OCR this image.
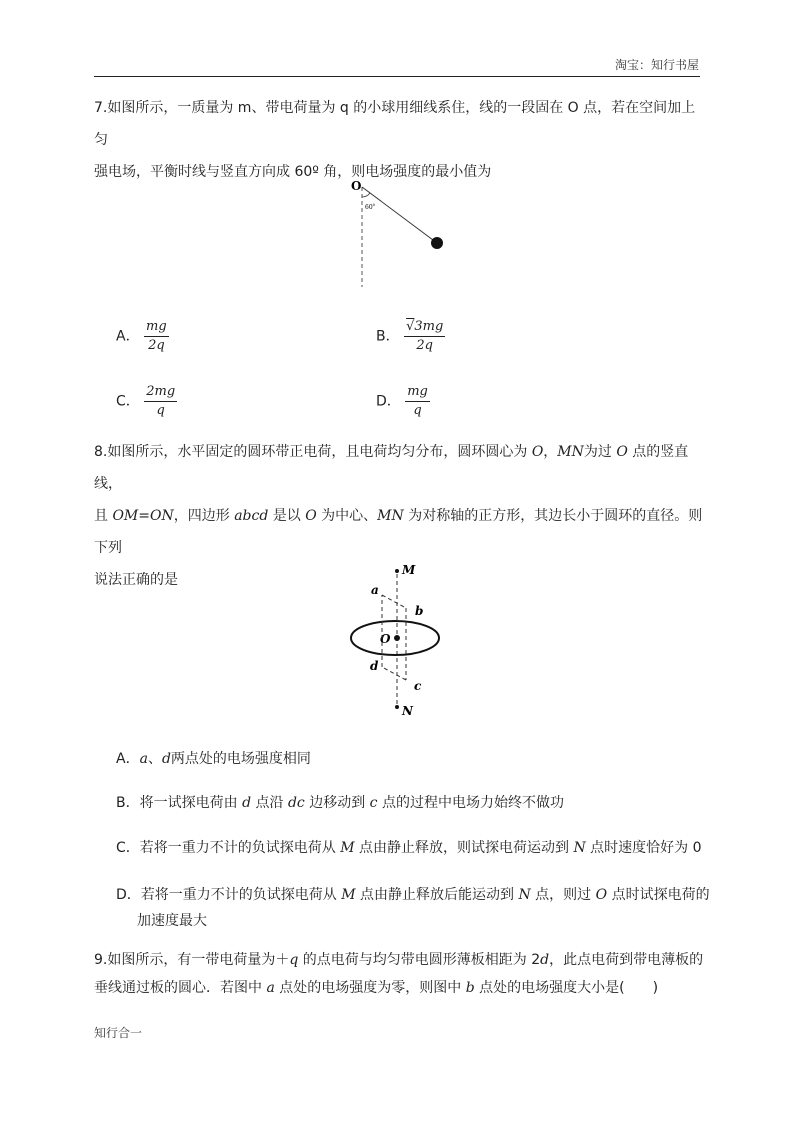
淘宝：知行书屋
7.如图所示，一质量为 m、带电荷量为 q 的小球用细线系住，线的一段固在 O 点，若在空间加上匀
强电场，平衡时线与竖直方向成 60º 角，则电场强度的最小值为
O
$60^0$
A． $\frac{mg}{2q}$	B． $\frac{√3mg}{2q}$
C． $\frac{2mg}{q}$	D． $\frac{mg}{q}$
8.如图所示，水平固定的圆环带正电荷，且电荷均匀分布，圆环圆心为 O，MN为过 O 点的竖直线，
且 OM=ON，四边形 abcd 是以 O 为中心、MN 为对称轴的正方形，其边长小于圆环的直径。则下列
说法正确的是
M
N
O
a
b
c
d
A．a、d两点处的电场强度相同
B．将一试探电荷由 d 点沿 dc 边移动到 c 点的过程中电场力始终不做功
C．若将一重力不计的负试探电荷从 M 点由静止释放，则试探电荷运动到 N 点时速度恰好为 0
D．若将一重力不计的负试探电荷从 M 点由静止释放后能运动到 N 点，则过 O 点时试探电荷的
加速度最大
9.如图所示，有一带电荷量为＋q 的点电荷与均匀带电圆形薄板相距为 2d，此点电荷到带电薄板的
垂线通过板的圆心．若图中 a 点处的电场强度为零，则图中 b 点处的电场强度大小是(　　)
知行合一
